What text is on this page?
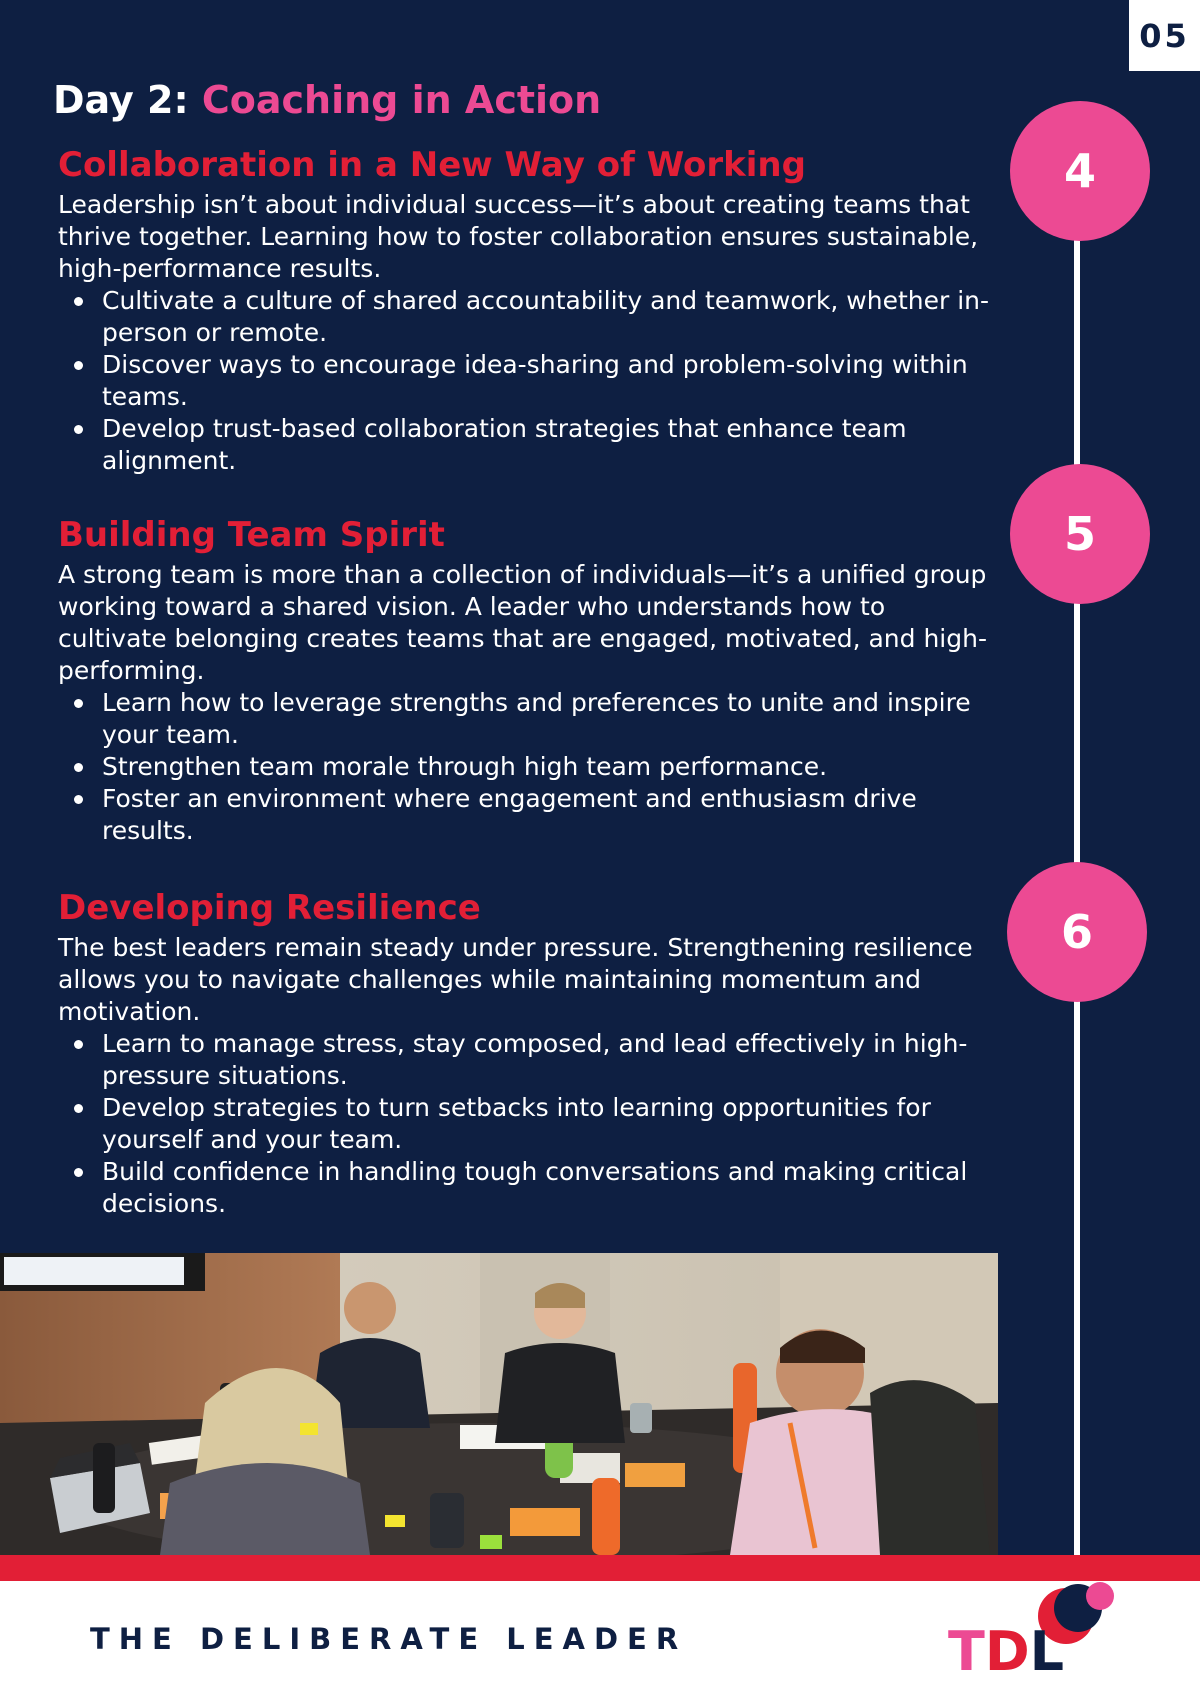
05
Day 2: Coaching in Action
4
5
6
Collaboration in a New Way of Working

Leadership isn’t about individual success—it’s about creating teams that thrive together. Learning how to foster collaboration ensures sustainable, high-performance results.

Cultivate a culture of shared accountability and teamwork, whether in-person or remote.
Discover ways to encourage idea-sharing and problem-solving within teams.
Develop trust-based collaboration strategies that enhance team alignment.
Building Team Spirit

A strong team is more than a collection of individuals—it’s a unified group working toward a shared vision. A leader who understands how to cultivate belonging creates teams that are engaged, motivated, and high-performing.

Learn how to leverage strengths and preferences to unite and inspire your team.
Strengthen team morale through high team performance.
Foster an environment where engagement and enthusiasm drive results.
Developing Resilience

The best leaders remain steady under pressure. Strengthening resilience allows you to navigate challenges while maintaining momentum and motivation.

Learn to manage stress, stay composed, and lead effectively in high-pressure situations.
Develop strategies to turn setbacks into learning opportunities for yourself and your team.
Build confidence in handling tough conversations and making critical decisions.
THE DELIBERATE LEADER	TDL
